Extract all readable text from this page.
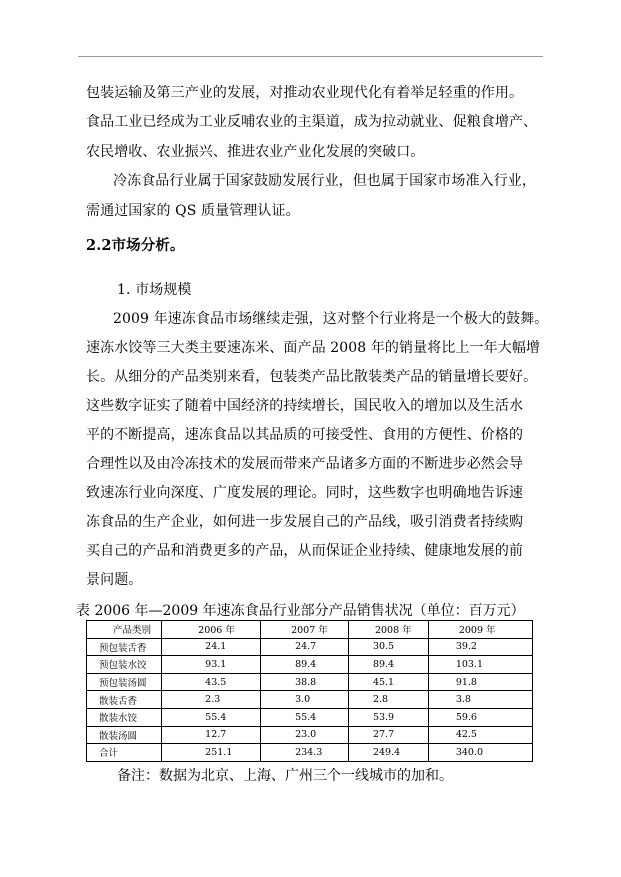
包装运输及第三产业的发展，对推动农业现代化有着举足轻重的作用。
食品工业已经成为工业反哺农业的主渠道，成为拉动就业、促粮食增产、
农民增收、农业振兴、推进农业产业化发展的突破口。
冷冻食品行业属于国家鼓励发展行业，但也属于国家市场准入行业，
需通过国家的 QS 质量管理认证。
2.2市场分析。
1. 市场规模
2009 年速冻食品市场继续走强，这对整个行业将是一个极大的鼓舞。
速冻水饺等三大类主要速冻米、面产品 2008 年的销量将比上一年大幅增
长。从细分的产品类别来看，包装类产品比散装类产品的销量增长要好。
这些数字证实了随着中国经济的持续增长，国民收入的增加以及生活水
平的不断提高，速冻食品以其品质的可接受性、食用的方便性、价格的
合理性以及由冷冻技术的发展而带来产品诸多方面的不断进步必然会导
致速冻行业向深度、广度发展的理论。同时，这些数字也明确地告诉速
冻食品的生产企业，如何进一步发展自己的产品线，吸引消费者持续购
买自己的产品和消费更多的产品，从而保证企业持续、健康地发展的前
景问题。
表 2006 年—2009 年速冻食品行业部分产品销售状况（单位：百万元）
产品类别	2006 年	2007 年	2008 年	2009 年
预包装舌香	24.1	24.7	30.5	39.2
预包装水饺	93.1	89.4	89.4	103.1
预包装汤圆	43.5	38.8	45.1	91.8
散装舌香	2.3	3.0	2.8	3.8
散装水饺	55.4	55.4	53.9	59.6
散装汤圆	12.7	23.0	27.7	42.5
合计	251.1	234.3	249.4	340.0
备注：数据为北京、上海、广州三个一线城市的加和。
